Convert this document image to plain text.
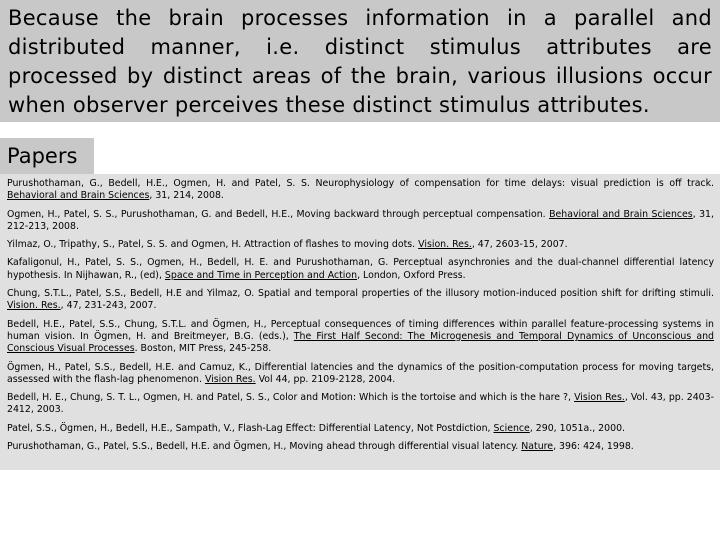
Because the brain processes information in a parallel and distributed manner, i.e. distinct stimulus attributes are processed by distinct areas of the brain, various illusions occur when observer perceives these distinct stimulus attributes.
Papers

Purushothaman, G., Bedell, H.E., Ogmen, H. and Patel, S. S. Neurophysiology of compensation for time delays: visual prediction is off track. Behavioral and Brain Sciences, 31, 214, 2008.

Ogmen, H., Patel, S. S., Purushothaman, G. and Bedell, H.E., Moving backward through perceptual compensation. Behavioral and Brain Sciences, 31, 212-213, 2008.

Yilmaz, O., Tripathy, S., Patel, S. S. and Ogmen, H. Attraction of flashes to moving dots. Vision. Res., 47, 2603-15, 2007.

Kafaligonul, H., Patel, S. S., Ogmen, H., Bedell, H. E. and Purushothaman, G. Perceptual asynchronies and the dual-channel differential latency hypothesis. In Nijhawan, R., (ed), Space and Time in Perception and Action, London, Oxford Press.

Chung, S.T.L., Patel, S.S., Bedell, H.E and Yilmaz, O. Spatial and temporal properties of the illusory motion-induced position shift for drifting stimuli. Vision. Res., 47, 231-243, 2007.

Bedell, H.E., Patel, S.S., Chung, S.T.L. and Ögmen, H., Perceptual consequences of timing differences within parallel feature-processing systems in human vision. In Ögmen, H. and Breitmeyer, B.G. (eds.), The First Half Second: The Microgenesis and Temporal Dynamics of Unconscious and Conscious Visual Processes. Boston, MIT Press, 245-258.

Ögmen, H., Patel, S.S., Bedell, H.E. and Camuz, K., Differential latencies and the dynamics of the position-computation process for moving targets, assessed with the flash-lag phenomenon. Vision Res. Vol 44, pp. 2109-2128, 2004.

Bedell, H. E., Chung, S. T. L., Ogmen, H. and Patel, S. S., Color and Motion: Which is the tortoise and which is the hare ?, Vision Res., Vol. 43, pp. 2403-2412, 2003.

Patel, S.S., Ögmen, H., Bedell, H.E., Sampath, V., Flash-Lag Effect: Differential Latency, Not Postdiction, Science, 290, 1051a., 2000.

Purushothaman, G., Patel, S.S., Bedell, H.E. and Ögmen, H., Moving ahead through differential visual latency. Nature, 396: 424, 1998.
